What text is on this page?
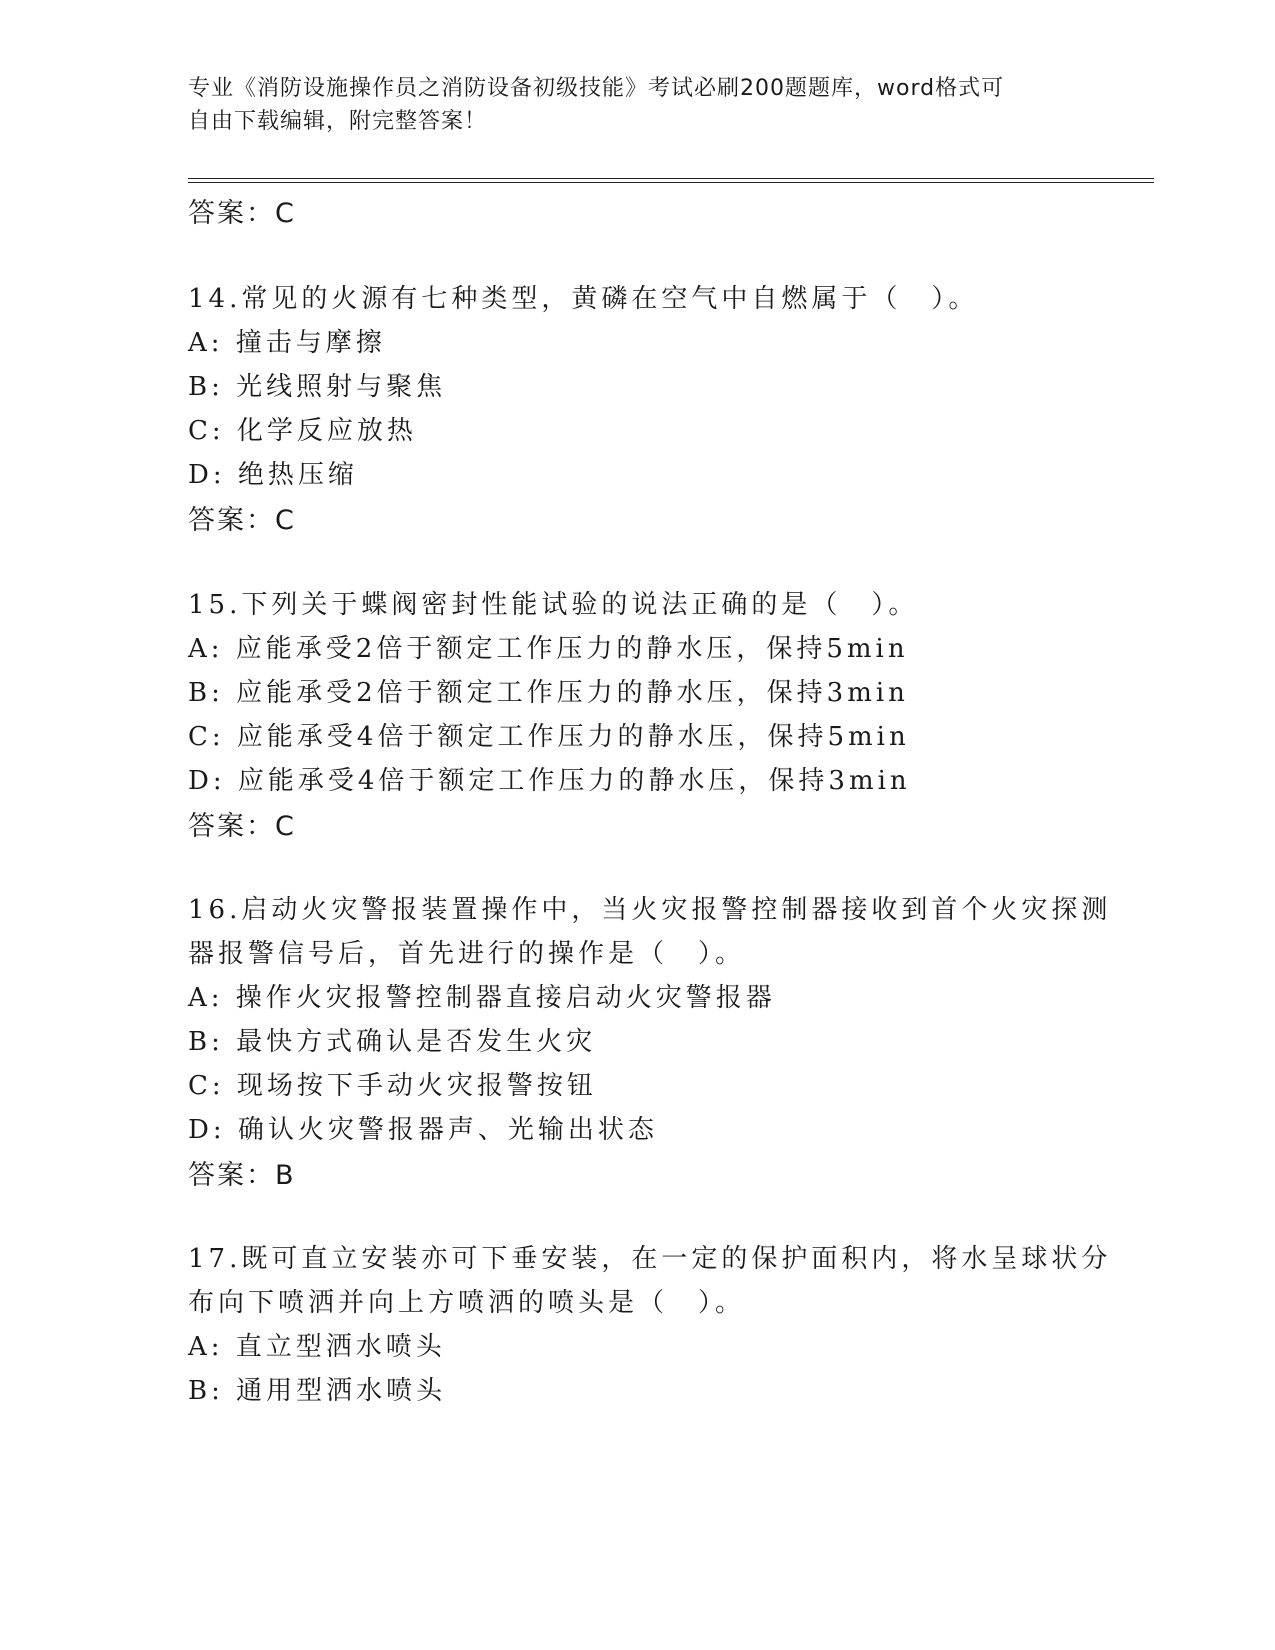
专业《消防设施操作员之消防设备初级技能》考试必刷200题题库，word格式可
自由下载编辑，附完整答案！
答案：C
14.常见的火源有七种类型，黄磷在空气中自燃属于（　）。
A: 撞击与摩擦
B: 光线照射与聚焦
C: 化学反应放热
D: 绝热压缩
答案：C
15.下列关于蝶阀密封性能试验的说法正确的是（　）。
A: 应能承受2倍于额定工作压力的静水压，保持5min
B: 应能承受2倍于额定工作压力的静水压，保持3min
C: 应能承受4倍于额定工作压力的静水压，保持5min
D: 应能承受4倍于额定工作压力的静水压，保持3min
答案：C
16.启动火灾警报装置操作中，当火灾报警控制器接收到首个火灾探测
器报警信号后，首先进行的操作是（　）。
A: 操作火灾报警控制器直接启动火灾警报器
B: 最快方式确认是否发生火灾
C: 现场按下手动火灾报警按钮
D: 确认火灾警报器声、光输出状态
答案：B
17.既可直立安装亦可下垂安装，在一定的保护面积内，将水呈球状分
布向下喷洒并向上方喷洒的喷头是（　）。
A: 直立型洒水喷头
B: 通用型洒水喷头
